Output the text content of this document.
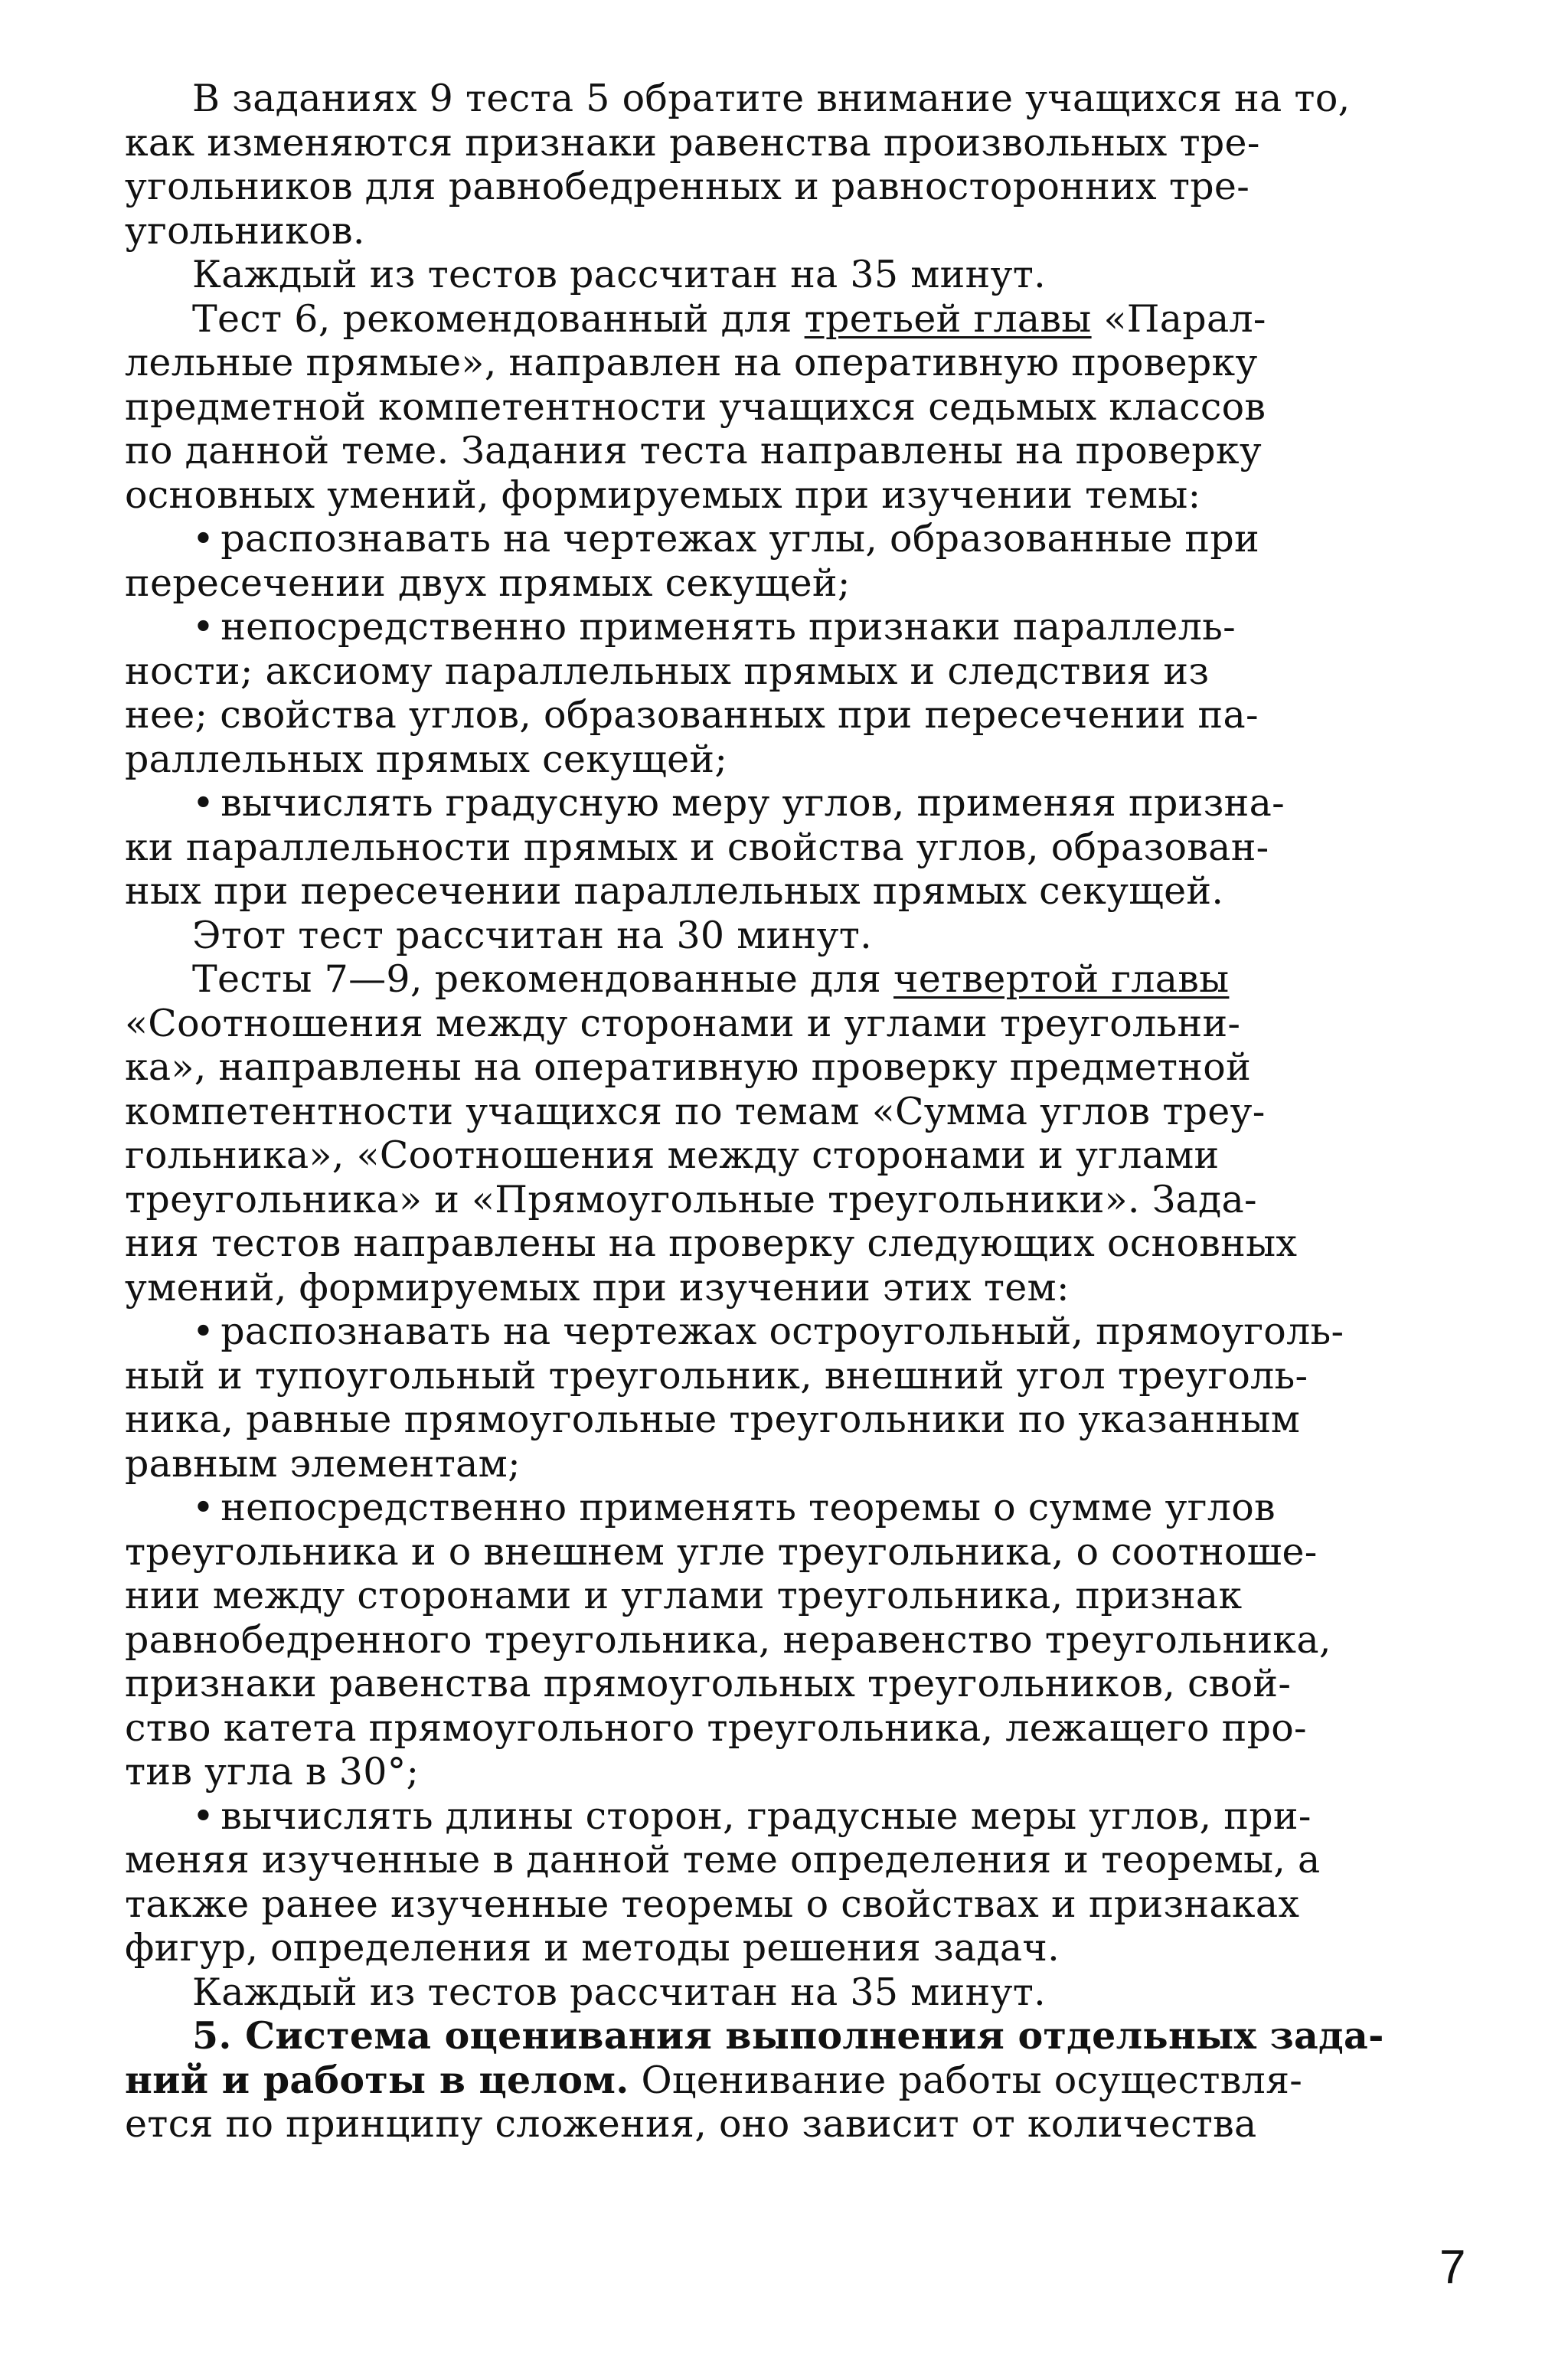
В заданиях 9 теста 5 обратите внимание учащихся на то,
как изменяются признаки равенства произвольных тре-
угольников для равнобедренных и равносторонних тре-
угольников.
Каждый из тестов рассчитан на 35 минут.
Тест 6, рекомендованный для третьей главы «Парал-
лельные прямые», направлен на оперативную проверку
предметной компетентности учащихся седьмых классов
по данной теме. Задания теста направлены на проверку
основных умений, формируемых при изучении темы:
• распознавать на чертежах углы, образованные при
пересечении двух прямых секущей;
• непосредственно применять признаки параллель-
ности; аксиому параллельных прямых и следствия из
нее; свойства углов, образованных при пересечении па-
раллельных прямых секущей;
• вычислять градусную меру углов, применяя призна-
ки параллельности прямых и свойства углов, образован-
ных при пересечении параллельных прямых секущей.
Этот тест рассчитан на 30 минут.
Тесты 7—9, рекомендованные для четвертой главы
«Соотношения между сторонами и углами треугольни-
ка», направлены на оперативную проверку предметной
компетентности учащихся по темам «Сумма углов треу-
гольника», «Соотношения между сторонами и углами
треугольника» и «Прямоугольные треугольники». Зада-
ния тестов направлены на проверку следующих основных
умений, формируемых при изучении этих тем:
• распознавать на чертежах остроугольный, прямоуголь-
ный и тупоугольный треугольник, внешний угол треуголь-
ника, равные прямоугольные треугольники по указанным
равным элементам;
• непосредственно применять теоремы о сумме углов
треугольника и о внешнем угле треугольника, о соотноше-
нии между сторонами и углами треугольника, признак
равнобедренного треугольника, неравенство треугольника,
признаки равенства прямоугольных треугольников, свой-
ство катета прямоугольного треугольника, лежащего про-
тив угла в 30°;
• вычислять длины сторон, градусные меры углов, при-
меняя изученные в данной теме определения и теоремы, а
также ранее изученные теоремы о свойствах и признаках
фигур, определения и методы решения задач.
Каждый из тестов рассчитан на 35 минут.
5. Система оценивания выполнения отдельных зада-
ний и работы в целом. Оценивание работы осуществля-
ется по принципу сложения, оно зависит от количества
7
